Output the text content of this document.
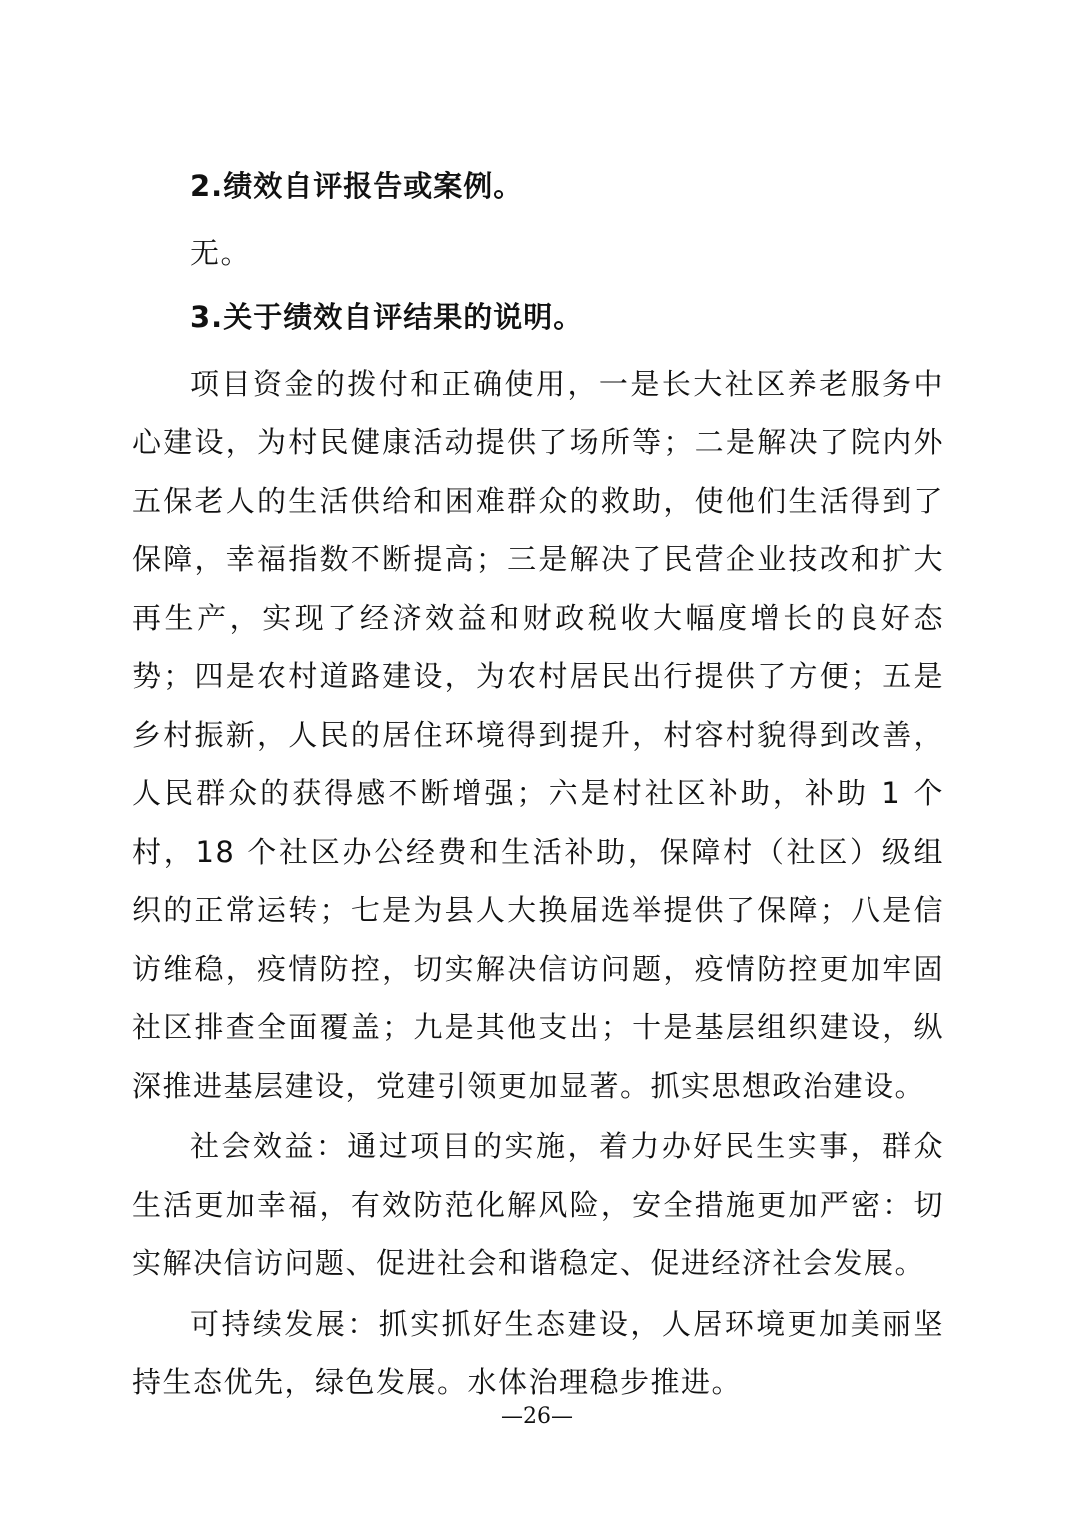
2.绩效自评报告或案例。

无。

3.关于绩效自评结果的说明。

项目资金的拨付和正确使用，一是长大社区养老服务中心建设，为村民健康活动提供了场所等；二是解决了院内外五保老人的生活供给和困难群众的救助，使他们生活得到了保障，幸福指数不断提高；三是解决了民营企业技改和扩大再生产，实现了经济效益和财政税收大幅度增长的良好态势；四是农村道路建设，为农村居民出行提供了方便；五是乡村振新，人民的居住环境得到提升，村容村貌得到改善，人民群众的获得感不断增强；六是村社区补助，补助 1 个村，18 个社区办公经费和生活补助，保障村（社区）级组织的正常运转；七是为县人大换届选举提供了保障；八是信访维稳，疫情防控，切实解决信访问题，疫情防控更加牢固社区排查全面覆盖；九是其他支出；十是基层组织建设，纵深推进基层建设，党建引领更加显著。抓实思想政治建设。

社会效益：通过项目的实施，着力办好民生实事，群众生活更加幸福，有效防范化解风险，安全措施更加严密：切实解决信访问题、促进社会和谐稳定、促进经济社会发展。

可持续发展：抓实抓好生态建设，人居环境更加美丽坚持生态优先，绿色发展。水体治理稳步推进。

—26—
